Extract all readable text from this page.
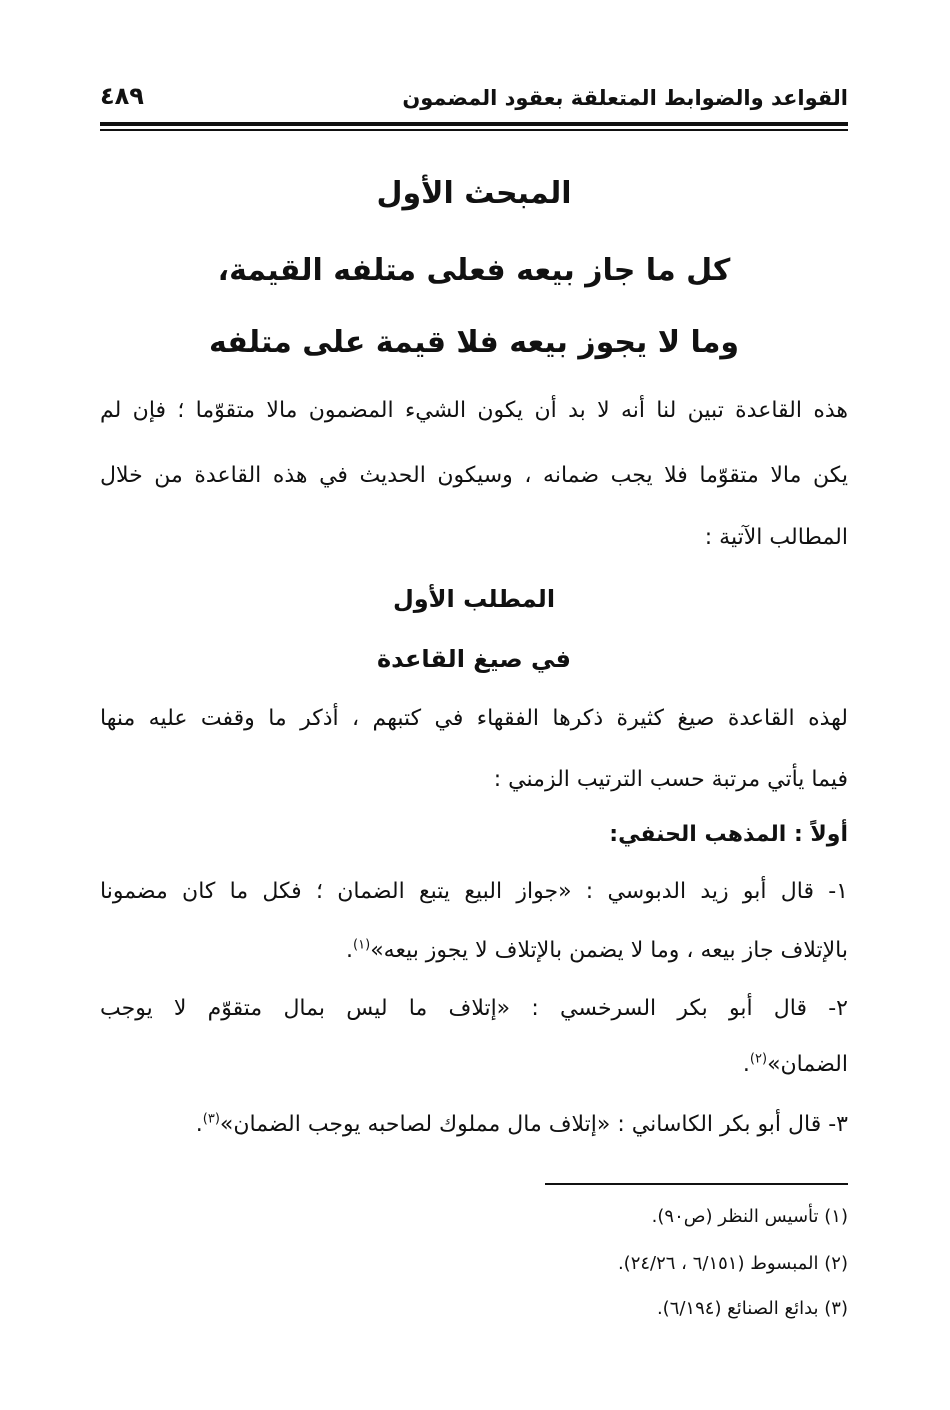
القواعد والضوابط المتعلقة بعقود المضمون
٤٨٩
المبحث الأول
كل ما جاز بيعه فعلى متلفه القيمة،
وما لا يجوز بيعه فلا قيمة على متلفه
هذه القاعدة تبين لنا أنه لا بد أن يكون الشيء المضمون مالا متقوّما ؛ فإن لم
يكن مالا متقوّما فلا يجب ضمانه ، وسيكون الحديث في هذه القاعدة من خلال
المطالب الآتية :
المطلب الأول
في صيغ القاعدة
لهذه القاعدة صيغ كثيرة ذكرها الفقهاء في كتبهم ، أذكر ما وقفت عليه منها
فيما يأتي مرتبة حسب الترتيب الزمني :
أولاً : المذهب الحنفي:
١- قال أبو زيد الدبوسي : «جواز البيع يتبع الضمان ؛ فكل ما كان مضمونا
بالإتلاف جاز بيعه ، وما لا يضمن بالإتلاف لا يجوز بيعه»$^{(١)}$.
٢- قال أبو بكر السرخسي : «إتلاف ما ليس بمال متقوّم لا يوجب
الضمان»$^{(٢)}$.
٣- قال أبو بكر الكاساني : «إتلاف مال مملوك لصاحبه يوجب الضمان»$^{(٣)}$.
(١) تأسيس النظر (ص٩٠).
(٢) المبسوط (٦/١٥١ ، ٢٤/٢٦).
(٣) بدائع الصنائع (٦/١٩٤).
